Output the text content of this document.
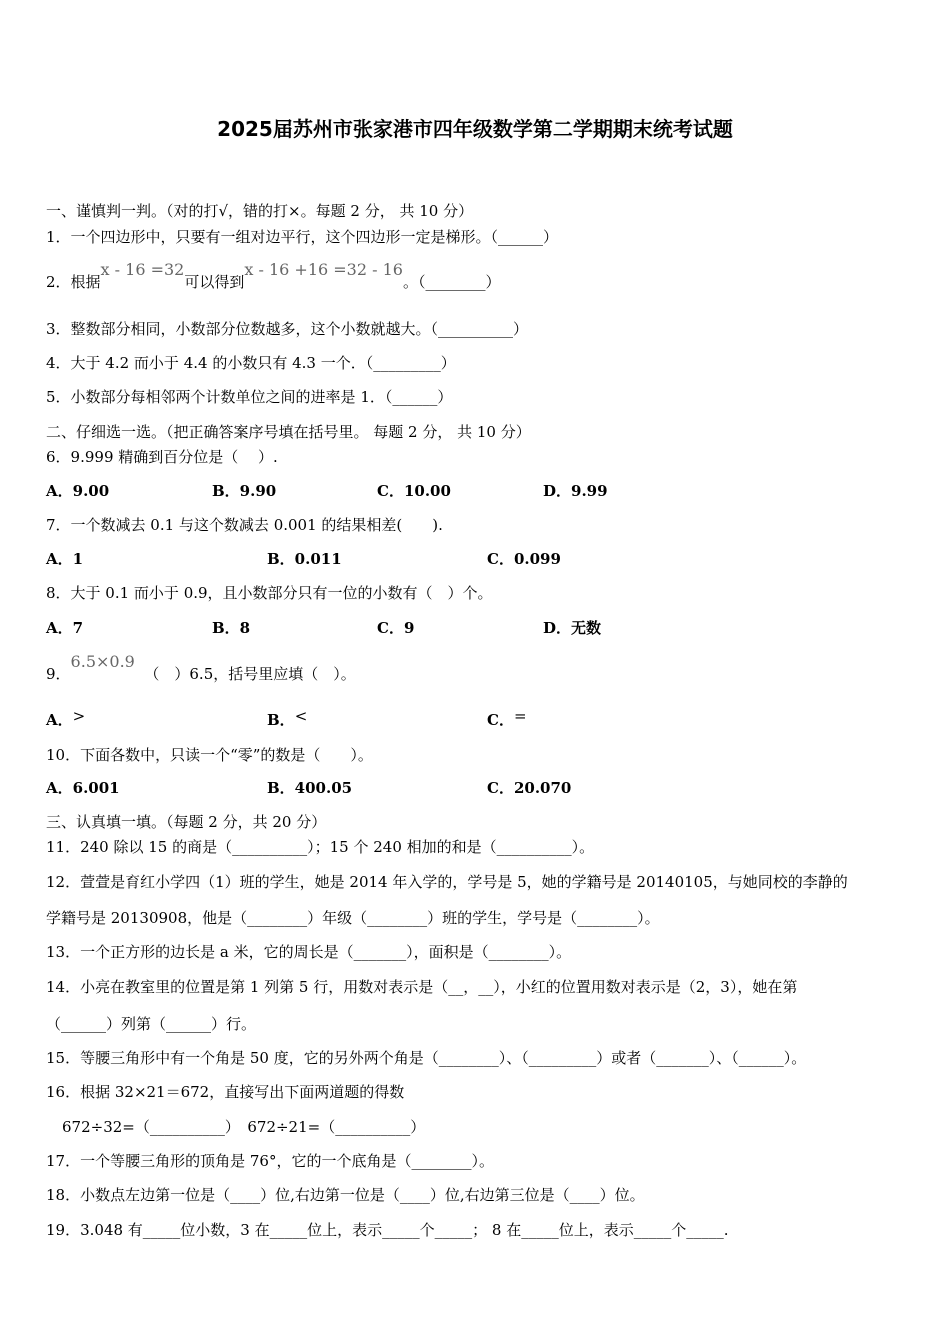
2025届苏州市张家港市四年级数学第二学期期末统考试题
一、谨慎判一判。（对的打√，错的打×。每题 2 分， 共 10 分）
1．一个四边形中，只要有一组对边平行，这个四边形一定是梯形。（______）
2．根据x - 16 =32可以得到x - 16 +16 =32 - 16。（________）
3．整数部分相同，小数部分位数越多，这个小数就越大。（__________）
4．大于 4.2 而小于 4.4 的小数只有 4.3 一个．（_________）
5．小数部分每相邻两个计数单位之间的进率是 1．（______）
二、仔细选一选。（把正确答案序号填在括号里。 每题 2 分， 共 10 分）
6．9.999 精确到百分位是（　 ）.
A．9.00	B．9.90	C．10.00	D．9.99
7．一个数减去 0.1 与这个数减去 0.001 的结果相差(　　).
A．1	B．0.011	C．0.099
8．大于 0.1 而小于 0.9，且小数部分只有一位的小数有（　）个。
A．7	B．8	C．9	D．无数
9．6.5×0.9  （　）6.5，括号里应填（　）。
A．>	B．<	C．=
10．下面各数中，只读一个“零”的数是（　　）。
A．6.001	B．400.05	C．20.070
三、认真填一填。（每题 2 分，共 20 分）
11．240 除以 15 的商是（__________）；15 个 240 相加的和是（__________）。
12．萱萱是育红小学四（1）班的学生，她是 2014 年入学的，学号是 5，她的学籍号是 20140105，与她同校的李静的
学籍号是 20130908，他是（________）年级（________）班的学生，学号是（________）。
13．一个正方形的边长是 a 米，它的周长是（_______），面积是（________）。
14．小亮在教室里的位置是第 1 列第 5 行，用数对表示是（__，__），小红的位置用数对表示是（2，3），她在第
（______）列第（______）行。
15．等腰三角形中有一个角是 50 度，它的另外两个角是（________）、（_________）或者（_______）、（______）。
16．根据 32×21＝672，直接写出下面两道题的得数
672÷32=（__________）　672÷21=（__________）
17．一个等腰三角形的顶角是 76°，它的一个底角是（________）。
18．小数点左边第一位是（____）位,右边第一位是（____）位,右边第三位是（____）位。
19．3.048 有_____位小数，3 在_____位上，表示_____个_____； 8 在_____位上，表示_____个_____.
